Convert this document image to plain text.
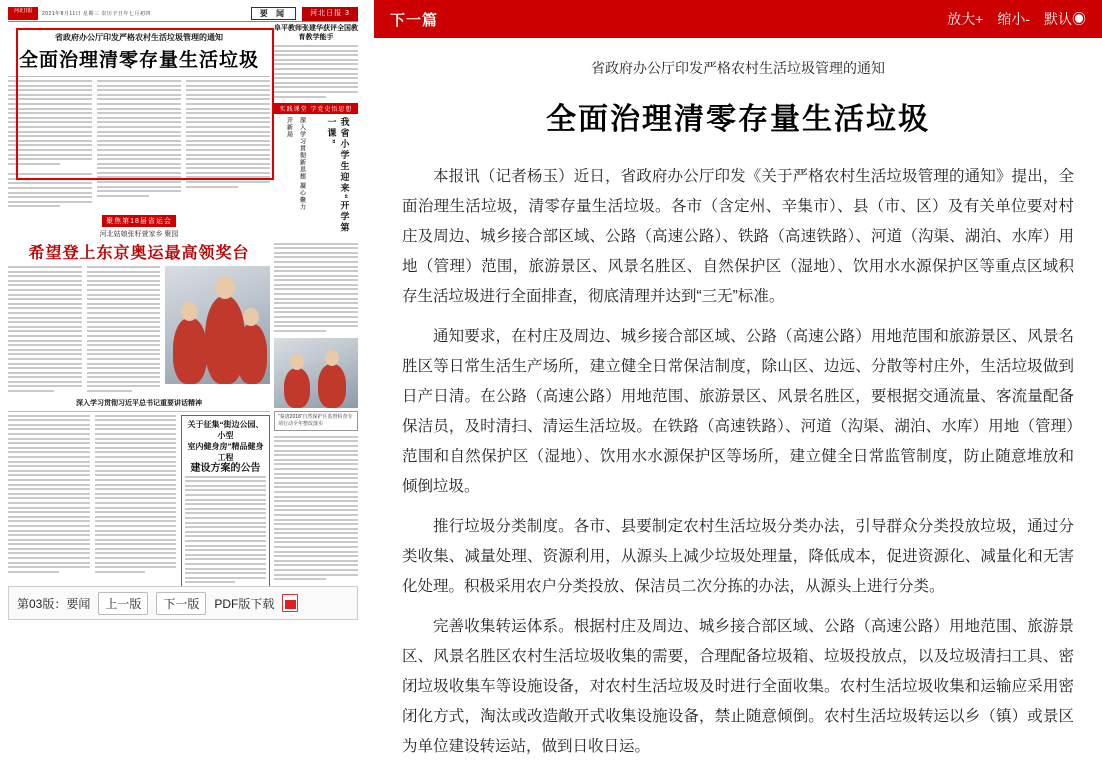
河北日报	2021年8月11日 星期三 农历辛丑年七月初四	要 闻	河北日报 3
省政府办公厅印发严格农村生活垃圾管理的通知
全面治理清零存量生活垃圾
聚焦第18届省运会
河北姑娘张籽萱家乡 聚园
希望登上东京奥运最高领奖台
深入学习贯彻习近平总书记重要讲话精神
关于征集“街边公园、小型
室内健身房”精品健身工程
建设方案的公告
阜平教师张建华获评全国教育教学能手
实践课堂 学党史悟思想
深入学习贯彻新思想 凝心聚力开新局	我省小学生迎来“开学第一课”
“秦唐2018“自然保护区监督检查专项行动全年整改落实
第03版：要闻	上一版	下一版	PDF版下载
下一篇	放大+ 缩小- 默认◉
省政府办公厅印发严格农村生活垃圾管理的通知
全面治理清零存量生活垃圾

本报讯（记者杨玉）近日，省政府办公厅印发《关于严格农村生活垃圾管理的通知》提出，全面治理生活垃圾，清零存量生活垃圾。各市（含定州、辛集市）、县（市、区）及有关单位要对村庄及周边、城乡接合部区域、公路（高速公路）、铁路（高速铁路）、河道（沟渠、湖泊、水库）用地（管理）范围，旅游景区、风景名胜区、自然保护区（湿地）、饮用水水源保护区等重点区域积存生活垃圾进行全面排查，彻底清理并达到“三无”标准。

通知要求，在村庄及周边、城乡接合部区域、公路（高速公路）用地范围和旅游景区、风景名胜区等日常生活生产场所，建立健全日常保洁制度，除山区、边远、分散等村庄外，生活垃圾做到日产日清。在公路（高速公路）用地范围、旅游景区、风景名胜区，要根据交通流量、客流量配备保洁员，及时清扫、清运生活垃圾。在铁路（高速铁路）、河道（沟渠、湖泊、水库）用地（管理）范围和自然保护区（湿地）、饮用水水源保护区等场所，建立健全日常监管制度，防止随意堆放和倾倒垃圾。

推行垃圾分类制度。各市、县要制定农村生活垃圾分类办法，引导群众分类投放垃圾，通过分类收集、减量处理、资源利用，从源头上减少垃圾处理量，降低成本，促进资源化、减量化和无害化处理。积极采用农户分类投放、保洁员二次分拣的办法，从源头上进行分类。

完善收集转运体系。根据村庄及周边、城乡接合部区域、公路（高速公路）用地范围、旅游景区、风景名胜区农村生活垃圾收集的需要，合理配备垃圾箱、垃圾投放点，以及垃圾清扫工具、密闭垃圾收集车等设施设备，对农村生活垃圾及时进行全面收集。农村生活垃圾收集和运输应采用密闭化方式，淘汰或改造敞开式收集设施设备，禁止随意倾倒。农村生活垃圾转运以乡（镇）或景区为单位建设转运站，做到日收日运。
